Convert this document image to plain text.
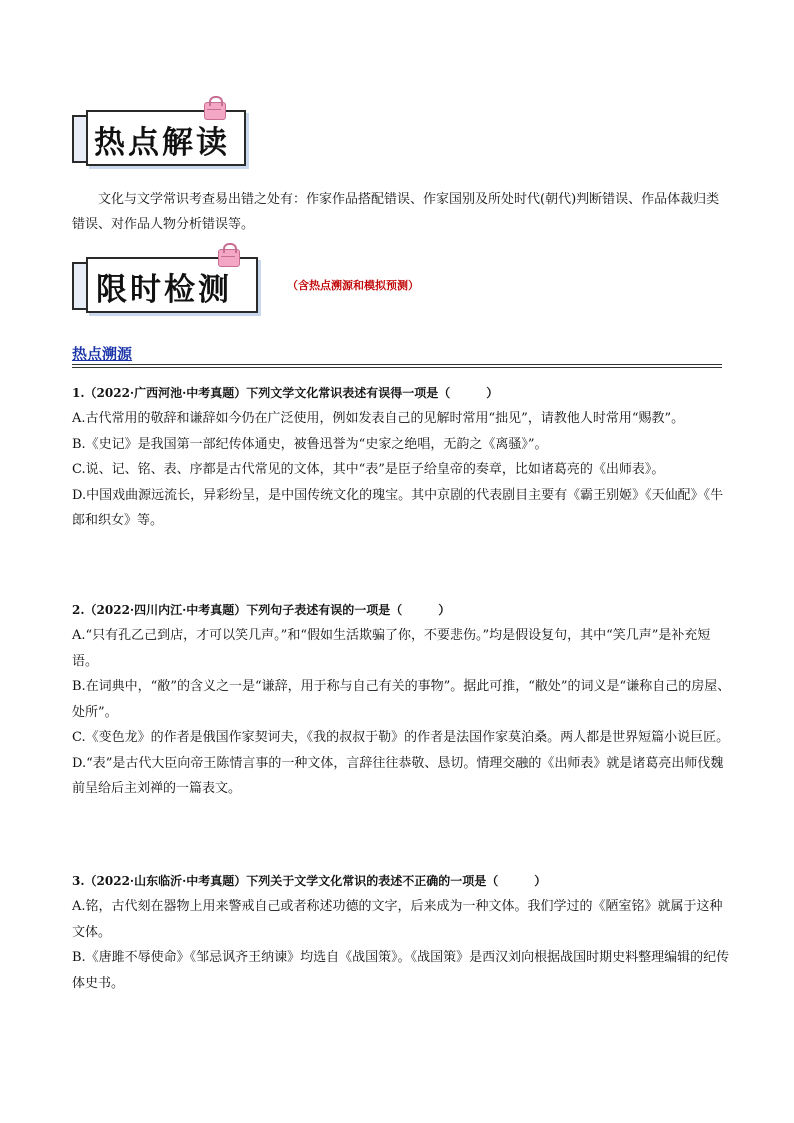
热点解读
文化与文学常识考查易出错之处有：作家作品搭配错误、作家国别及所处时代(朝代)判断错误、作品体裁归类错误、对作品人物分析错误等。
限时检测	（含热点溯源和模拟预测）
热点溯源
1.（2022·广西河池·中考真题）下列文学文化常识表述有误得一项是（　　　）
A.古代常用的敬辞和谦辞如今仍在广泛使用，例如发表自己的见解时常用“拙见”，请教他人时常用“赐教”。
B.《史记》是我国第一部纪传体通史，被鲁迅誉为“史家之绝唱，无韵之《离骚》”。
C.说、记、铭、表、序都是古代常见的文体，其中“表”是臣子给皇帝的奏章，比如诸葛亮的《出师表》。
D.中国戏曲源远流长，异彩纷呈，是中国传统文化的瑰宝。其中京剧的代表剧目主要有《霸王别姬》《天仙配》《牛郎和织女》等。
2.（2022·四川内江·中考真题）下列句子表述有误的一项是（　　　）
A.“只有孔乙己到店，才可以笑几声。”和“假如生活欺骗了你，不要悲伤。”均是假设复句，其中“笑几声”是补充短语。
B.在词典中，“敝”的含义之一是“谦辞，用于称与自己有关的事物”。据此可推，“敝处”的词义是“谦称自己的房屋、处所”。
C.《变色龙》的作者是俄国作家契诃夫，《我的叔叔于勒》的作者是法国作家莫泊桑。两人都是世界短篇小说巨匠。
D.“表”是古代大臣向帝王陈情言事的一种文体，言辞往往恭敬、恳切。情理交融的《出师表》就是诸葛亮出师伐魏前呈给后主刘禅的一篇表文。
3.（2022·山东临沂·中考真题）下列关于文学文化常识的表述不正确的一项是（　　　）
A.铭，古代刻在器物上用来警戒自己或者称述功德的文字，后来成为一种文体。我们学过的《陋室铭》就属于这种文体。
B.《唐雎不辱使命》《邹忌讽齐王纳谏》均选自《战国策》。《战国策》是西汉刘向根据战国时期史料整理编辑的纪传体史书。
